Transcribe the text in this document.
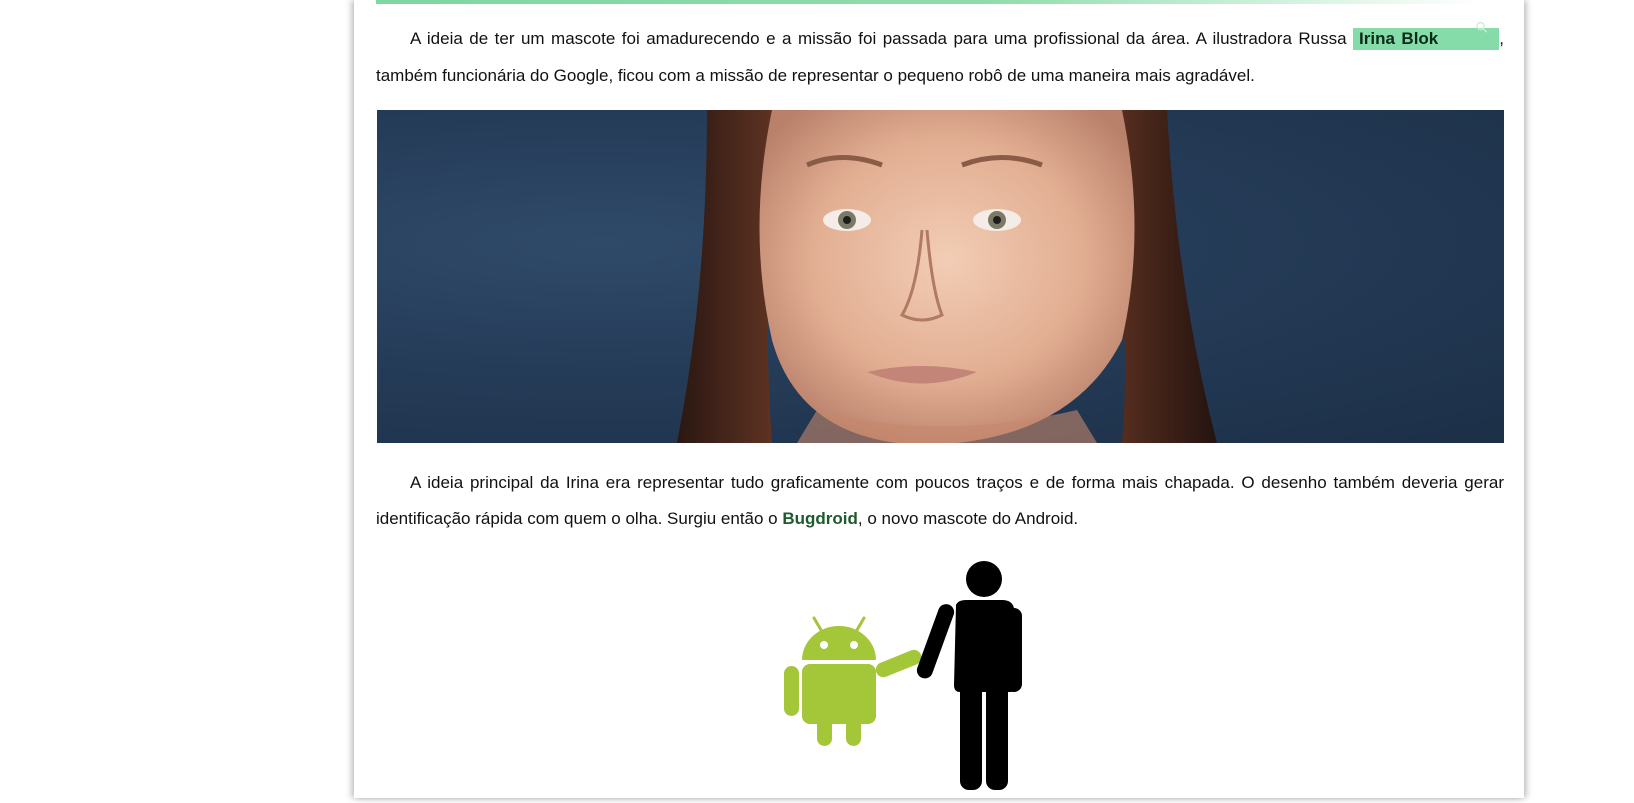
A ideia de ter um mascote foi amadurecendo e a missão foi passada para uma profissional da área. A ilustradora Russa Irina Blok⚲, também funcionária do Google, ficou com a missão de representar o pequeno robô de uma maneira mais agradável.

A ideia principal da Irina era representar tudo graficamente com poucos traços e de forma mais chapada. O desenho também deveria gerar identificação rápida com quem o olha. Surgiu então o Bugdroid, o novo mascote do Android.
